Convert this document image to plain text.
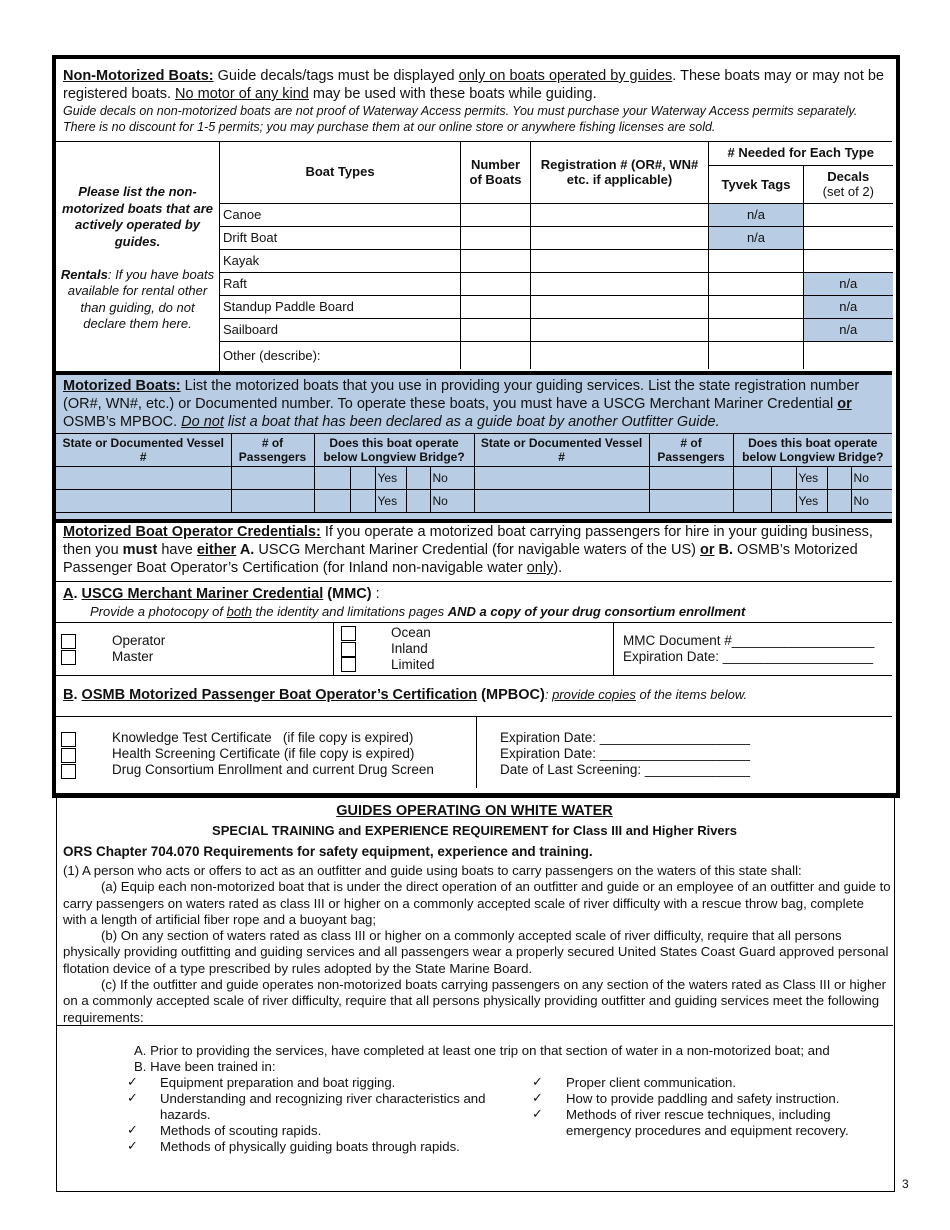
Non-Motorized Boats: Guide decals/tags must be displayed only on boats operated by guides. These boats may or may not be registered boats. No motor of any kind may be used with these boats while guiding.
Guide decals on non-motorized boats are not proof of Waterway Access permits. You must purchase your Waterway Access permits separately. There is no discount for 1-5 permits; you may purchase them at our online store or anywhere fishing licenses are sold.
Please list the non-motorized boats that are actively operated by guides.

Rentals: If you have boats available for rental other than guiding, do not declare them here.
Boat Types	Number of Boats	Registration # (OR#, WN# etc. if applicable)	# Needed for Each Type	
			Tyvek Tags	Decals
(set of 2)
Canoe			n/a	
Drift Boat			n/a	
Kayak				
Raft				n/a
Standup Paddle Board				n/a
Sailboard				n/a
Other (describe):				
Motorized Boats: List the motorized boats that you use in providing your guiding services. List the state registration number (OR#, WN#, etc.) or Documented number. To operate these boats, you must have a USCG Merchant Mariner Credential or OSMB’s MPBOC. Do not list a boat that has been declared as a guide boat by another Outfitter Guide.
State or Documented Vessel #	# of Passengers	Does this boat operate below Longview Bridge?					State or Documented Vessel #	# of Passengers	Does this boat operate below Longview Bridge?				
				Yes		No					Yes		No
				Yes		No					Yes		No
Motorized Boat Operator Credentials: If you operate a motorized boat carrying passengers for hire in your guiding business, then you must have either A. USCG Merchant Mariner Credential (for navigable waters of the US) or B. OSMB’s Motorized Passenger Boat Operator’s Certification (for Inland non-navigable water only).
A. USCG Merchant Mariner Credential (MMC) :
Provide a photocopy of both the identity and limitations pages AND a copy of your drug consortium enrollment
Operator
Master
Ocean
Inland
Limited
MMC Document #___________________
Expiration Date: ____________________
B. OSMB Motorized Passenger Boat Operator’s Certification (MPBOC): provide copies of the items below.
Knowledge Test Certificate   (if file copy is expired)
Health Screening Certificate (if file copy is expired)
Drug Consortium Enrollment and current Drug Screen
Expiration Date: ____________________
Expiration Date: ____________________
Date of Last Screening: ______________
GUIDES OPERATING ON WHITE WATER
SPECIAL TRAINING and EXPERIENCE REQUIREMENT for Class III and Higher Rivers
ORS Chapter 704.070 Requirements for safety equipment, experience and training.
(1) A person who acts or offers to act as an outfitter and guide using boats to carry passengers on the waters of this state shall:
(a) Equip each non-motorized boat that is under the direct operation of an outfitter and guide or an employee of an outfitter and guide to carry passengers on waters rated as class III or higher on a commonly accepted scale of river difficulty with a rescue throw bag, complete with a length of artificial fiber rope and a buoyant bag;
(b) On any section of waters rated as class III or higher on a commonly accepted scale of river difficulty, require that all persons physically providing outfitting and guiding services and all passengers wear a properly secured United States Coast Guard approved personal flotation device of a type prescribed by rules adopted by the State Marine Board.
(c) If the outfitter and guide operates non-motorized boats carrying passengers on any section of the waters rated as Class III or higher on a commonly accepted scale of river difficulty, require that all persons physically providing outfitter and guiding services meet the following requirements:
A. Prior to providing the services, have completed at least one trip on that section of water in a non-motorized boat; and
B. Have been trained in:
✓
✓
✓
✓
Equipment preparation and boat rigging.
Understanding and recognizing river characteristics and
hazards.
Methods of scouting rapids.
Methods of physically guiding boats through rapids.
✓
✓
✓
Proper client communication.
How to provide paddling and safety instruction.
Methods of river rescue techniques, including
emergency procedures and equipment recovery.
3
